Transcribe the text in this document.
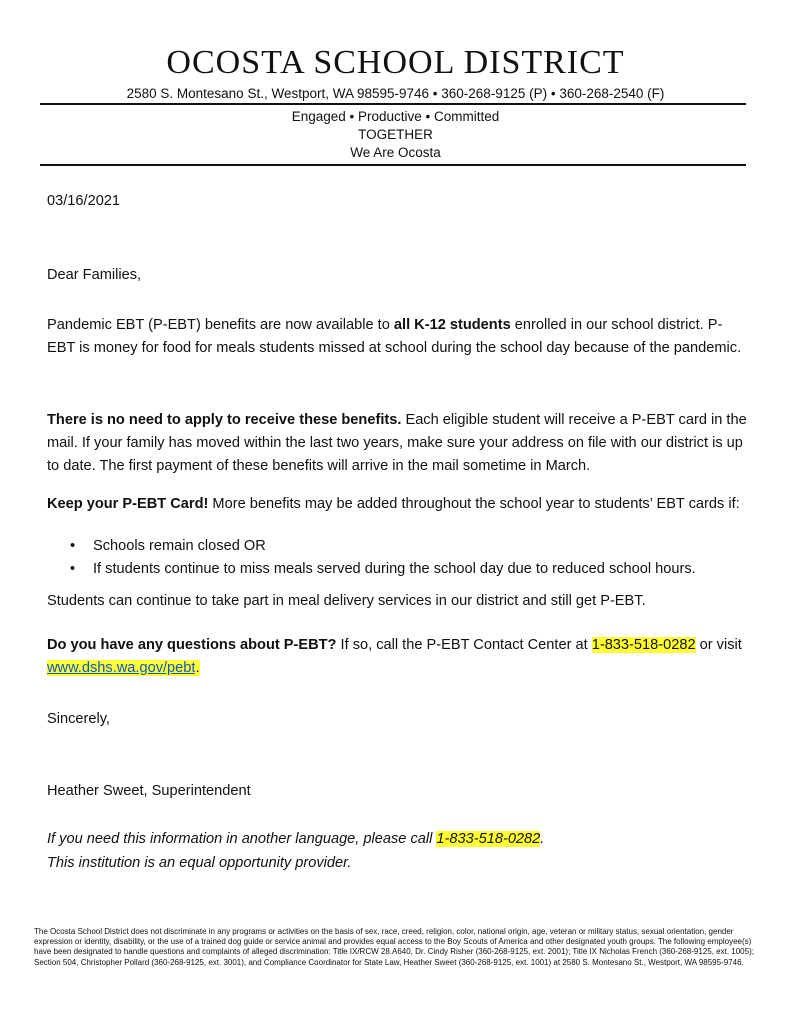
OCOSTA SCHOOL DISTRICT
2580 S. Montesano St., Westport, WA 98595-9746 • 360-268-9125 (P) • 360-268-2540 (F)
Engaged • Productive • Committed
TOGETHER
We Are Ocosta
03/16/2021
Dear Families,
Pandemic EBT (P-EBT) benefits are now available to all K-12 students enrolled in our school district. P-EBT is money for food for meals students missed at school during the school day because of the pandemic.
There is no need to apply to receive these benefits. Each eligible student will receive a P-EBT card in the mail. If your family has moved within the last two years, make sure your address on file with our district is up to date. The first payment of these benefits will arrive in the mail sometime in March.
Keep your P-EBT Card! More benefits may be added throughout the school year to students’ EBT cards if:
•	Schools remain closed OR
•	If students continue to miss meals served during the school day due to reduced school hours.
Students can continue to take part in meal delivery services in our district and still get P-EBT.
Do you have any questions about P-EBT? If so, call the P-EBT Contact Center at 1-833-518-0282 or visit www.dshs.wa.gov/pebt.
Sincerely,
Heather Sweet, Superintendent
If you need this information in another language, please call 1-833-518-0282.
This institution is an equal opportunity provider.
The Ocosta School District does not discriminate in any programs or activities on the basis of sex, race, creed, religion, color, national origin, age, veteran or military status, sexual orientation, gender expression or identity, disability, or the use of a trained dog guide or service animal and provides equal access to the Boy Scouts of America and other designated youth groups. The following employee(s) have been designated to handle questions and complaints of alleged discrimination: Title IX/RCW 28.A640, Dr. Cindy Risher (360-268-9125, ext. 2001); Title IX Nicholas French (360-268-9125, ext. 1005); Section 504, Christopher Pollard (360-268-9125, ext. 3001), and Compliance Coordinator for State Law, Heather Sweet (360-268-9125, ext. 1001) at 2580 S. Montesano St., Westport, WA 98595-9746.
